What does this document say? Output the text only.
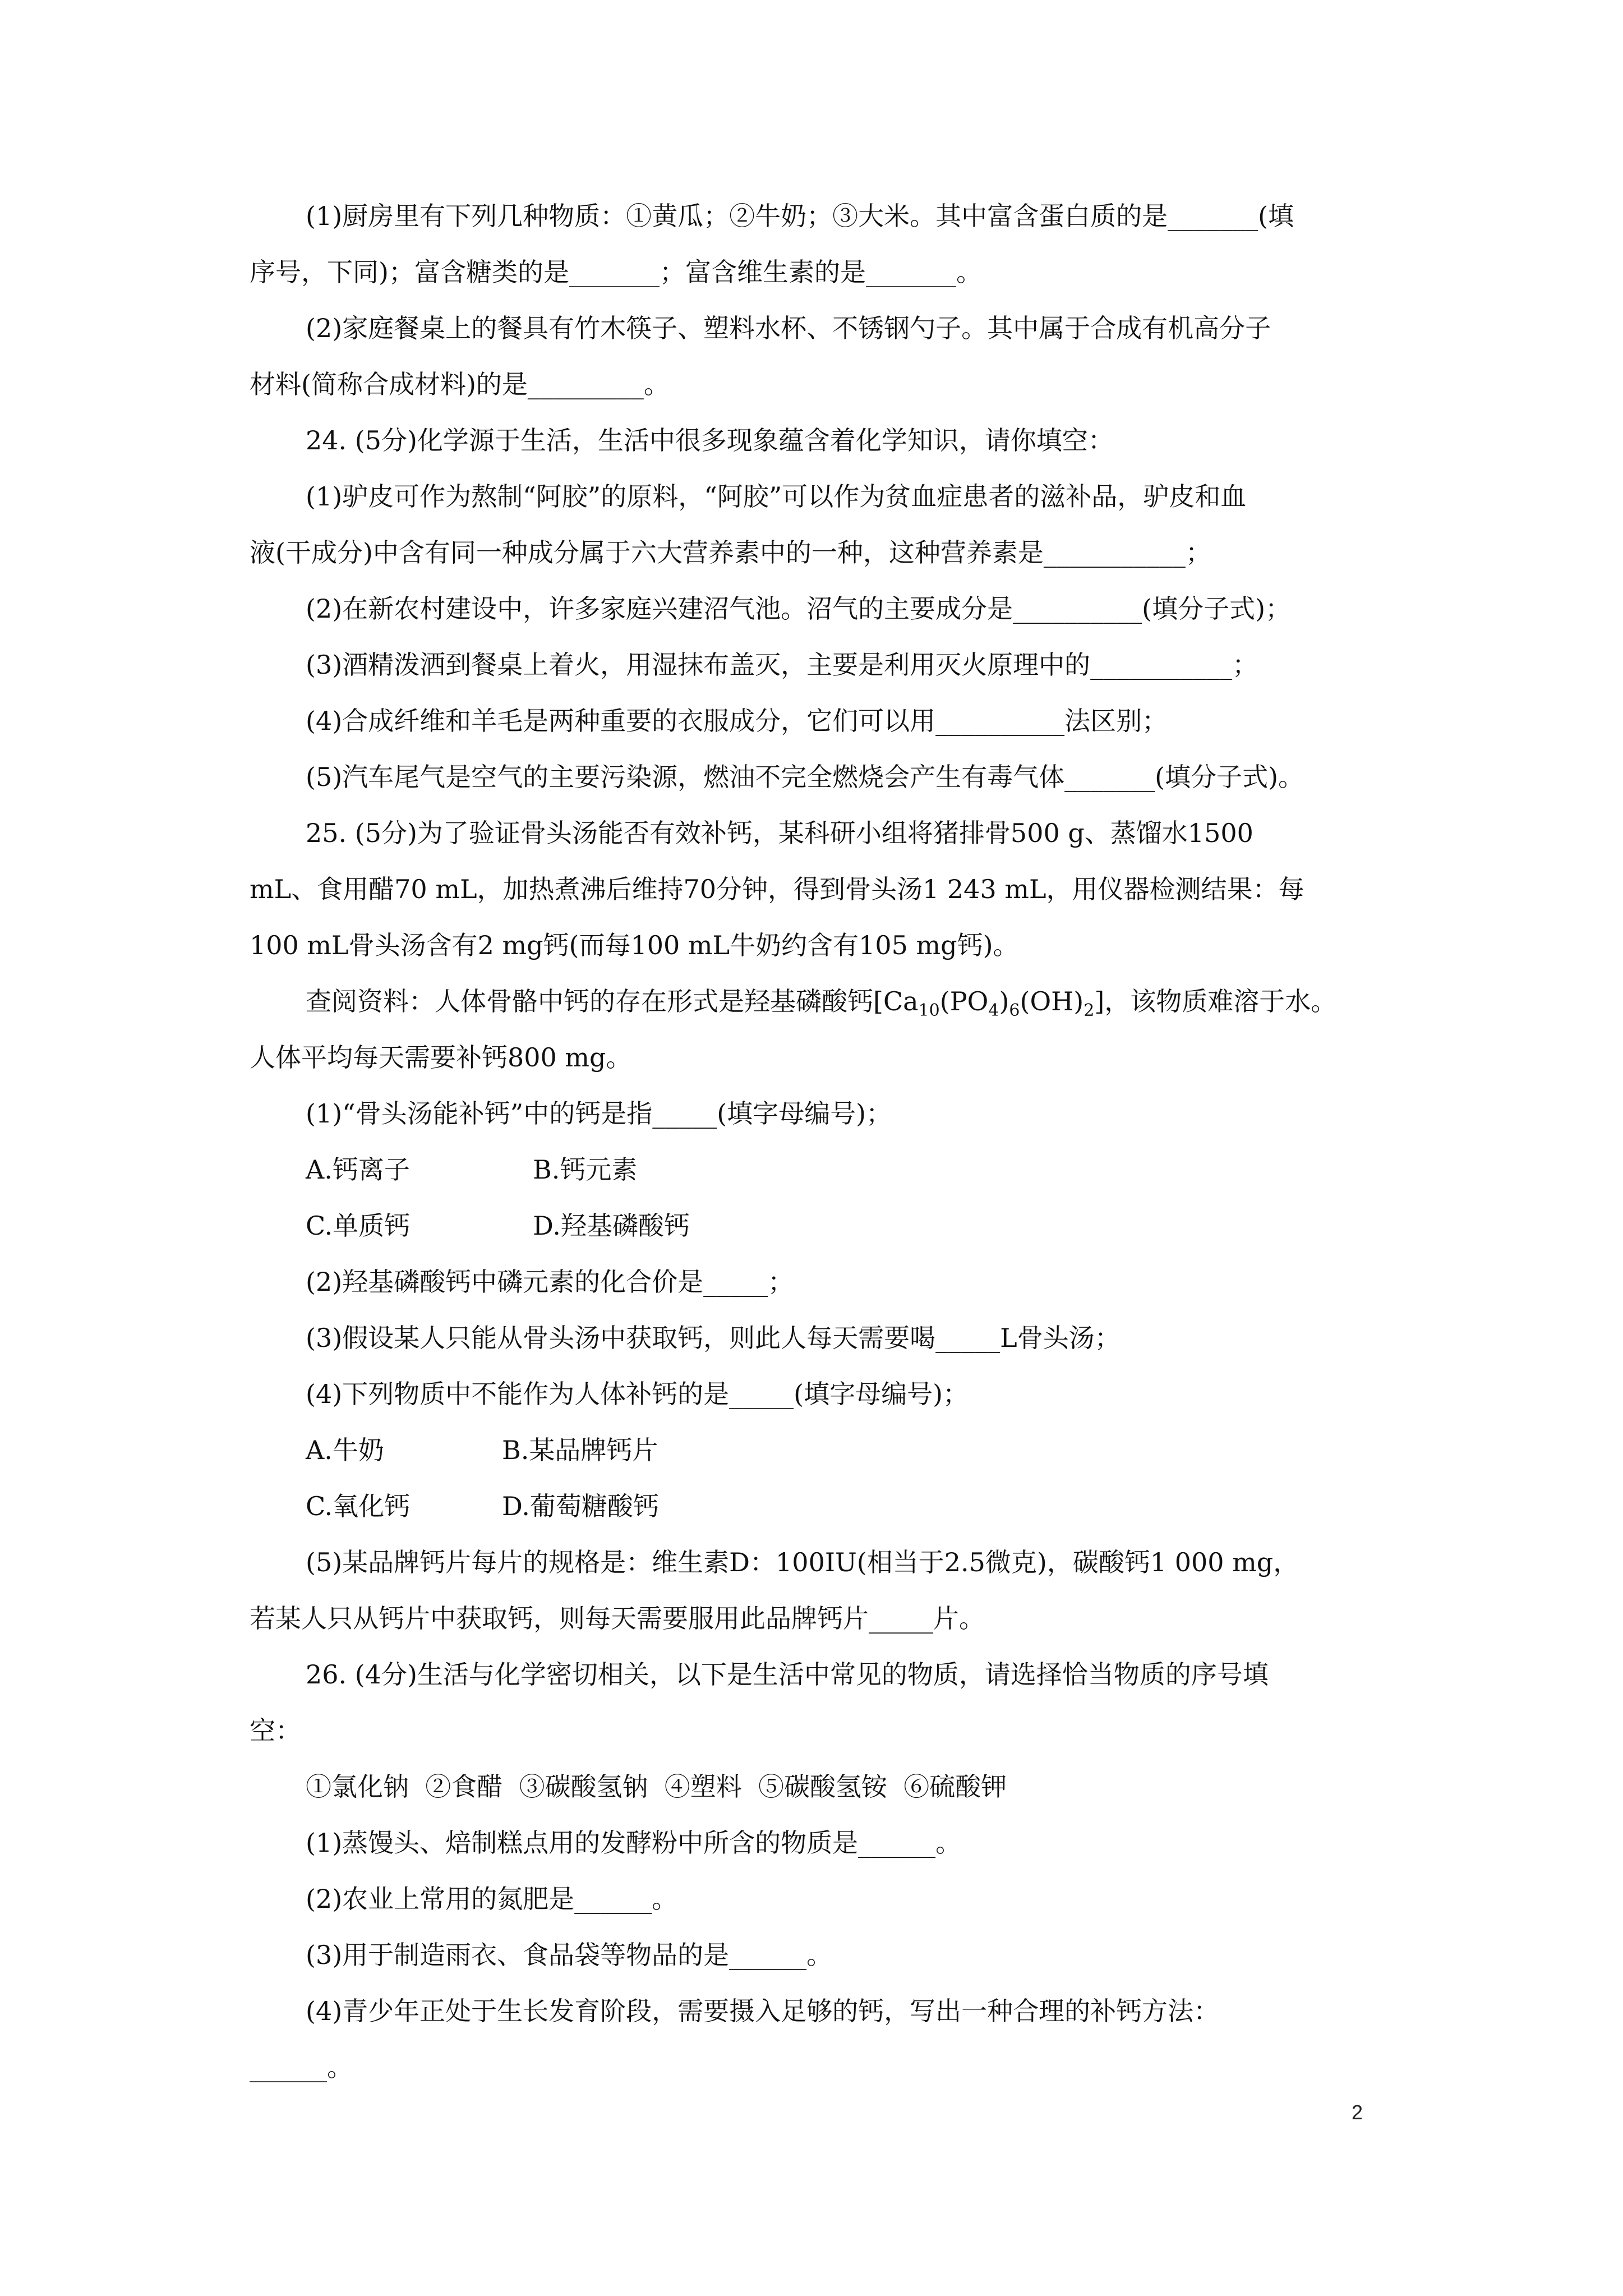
(1)厨房里有下列几种物质：①黄瓜；②牛奶；③大米。其中富含蛋白质的是_______(填
序号，下同)；富含糖类的是_______；富含维生素的是_______。
(2)家庭餐桌上的餐具有竹木筷子、塑料水杯、不锈钢勺子。其中属于合成有机高分子
材料(简称合成材料)的是_________。
24. (5分)化学源于生活，生活中很多现象蕴含着化学知识，请你填空：
(1)驴皮可作为熬制“阿胶”的原料，“阿胶”可以作为贫血症患者的滋补品，驴皮和血
液(干成分)中含有同一种成分属于六大营养素中的一种，这种营养素是___________；
(2)在新农村建设中，许多家庭兴建沼气池。沼气的主要成分是__________(填分子式)；
(3)酒精泼洒到餐桌上着火，用湿抹布盖灭，主要是利用灭火原理中的___________；
(4)合成纤维和羊毛是两种重要的衣服成分，它们可以用__________法区别；
(5)汽车尾气是空气的主要污染源，燃油不完全燃烧会产生有毒气体_______(填分子式)。
25. (5分)为了验证骨头汤能否有效补钙，某科研小组将猪排骨500 g、蒸馏水1500
mL、食用醋70 mL，加热煮沸后维持70分钟，得到骨头汤1 243 mL，用仪器检测结果：每
100 mL骨头汤含有2 mg钙(而每100 mL牛奶约含有105 mg钙)。
查阅资料：人体骨骼中钙的存在形式是羟基磷酸钙$[Ca_{10}(PO_4)_6(OH)_2]$，该物质难溶于水。
人体平均每天需要补钙800 mg。
(1)“骨头汤能补钙”中的钙是指_____(填字母编号)；
A.钙离子	B.钙元素
C.单质钙	D.羟基磷酸钙
(2)羟基磷酸钙中磷元素的化合价是_____；
(3)假设某人只能从骨头汤中获取钙，则此人每天需要喝_____L骨头汤；
(4)下列物质中不能作为人体补钙的是_____(填字母编号)；
A.牛奶	B.某品牌钙片
C.氧化钙	D.葡萄糖酸钙
(5)某品牌钙片每片的规格是：维生素D：100IU(相当于2.5微克)，碳酸钙1 000 mg，
若某人只从钙片中获取钙，则每天需要服用此品牌钙片_____片。
26. (4分)生活与化学密切相关，以下是生活中常见的物质，请选择恰当物质的序号填
空：
①氯化钠  ②食醋  ③碳酸氢钠  ④塑料  ⑤碳酸氢铵  ⑥硫酸钾
(1)蒸馒头、焙制糕点用的发酵粉中所含的物质是______。
(2)农业上常用的氮肥是______。
(3)用于制造雨衣、食品袋等物品的是______。
(4)青少年正处于生长发育阶段，需要摄入足够的钙，写出一种合理的补钙方法：
______。
2
